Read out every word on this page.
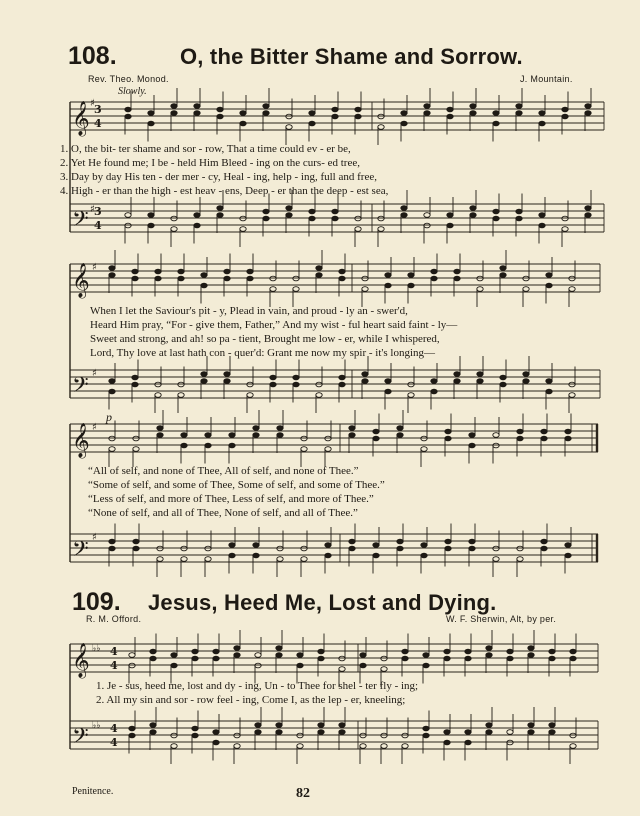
108.	O, the Bitter Shame and Sorrow.
Rev. Theo. Monod.	J. Mountain.
Slowly.
p
𝄞
𝄢
3
4
3
4
♯
♯
𝄞
𝄢
♯
♯
𝄞
𝄢
♯
♯
𝄞
𝄢
♭♭
♭♭
4
4
4
4
1. O, the bit- ter shame and sor - row, That a time could ev - er be,
2. Yet He found me; I be - held Him Bleed - ing on the curs- ed tree,
3. Day by day His ten - der mer - cy, Heal - ing, help - ing, full and free,
4. High - er than the high - est heav - ens, Deep - er than the deep - est sea,
When I let the Saviour's pit - y, Plead in vain, and proud - ly an - swer'd,
Heard Him pray, “For - give them, Father,” And my wist - ful heart said faint - ly—
Sweet and strong, and ah! so pa - tient, Brought me low - er, while I whispered,
Lord, Thy love at last hath con - quer'd: Grant me now my spir - it's longing—
“All of self, and none of Thee, All of self, and none of Thee.”
“Some of self, and some of Thee, Some of self, and some of Thee.”
“Less of self, and more of Thee, Less of self, and more of Thee.”
“None of self, and all of Thee, None of self, and all of Thee.”
109. Jesus, Heed Me, Lost and Dying.
R. M. Offord.	W. F. Sherwin, Alt, by per.
1. Je - sus, heed me, lost and dy - ing, Un - to Thee for shel - ter fly - ing;
2. All my sin and sor - row feel - ing, Come I, as the lep - er, kneeling;
Penitence.	82
